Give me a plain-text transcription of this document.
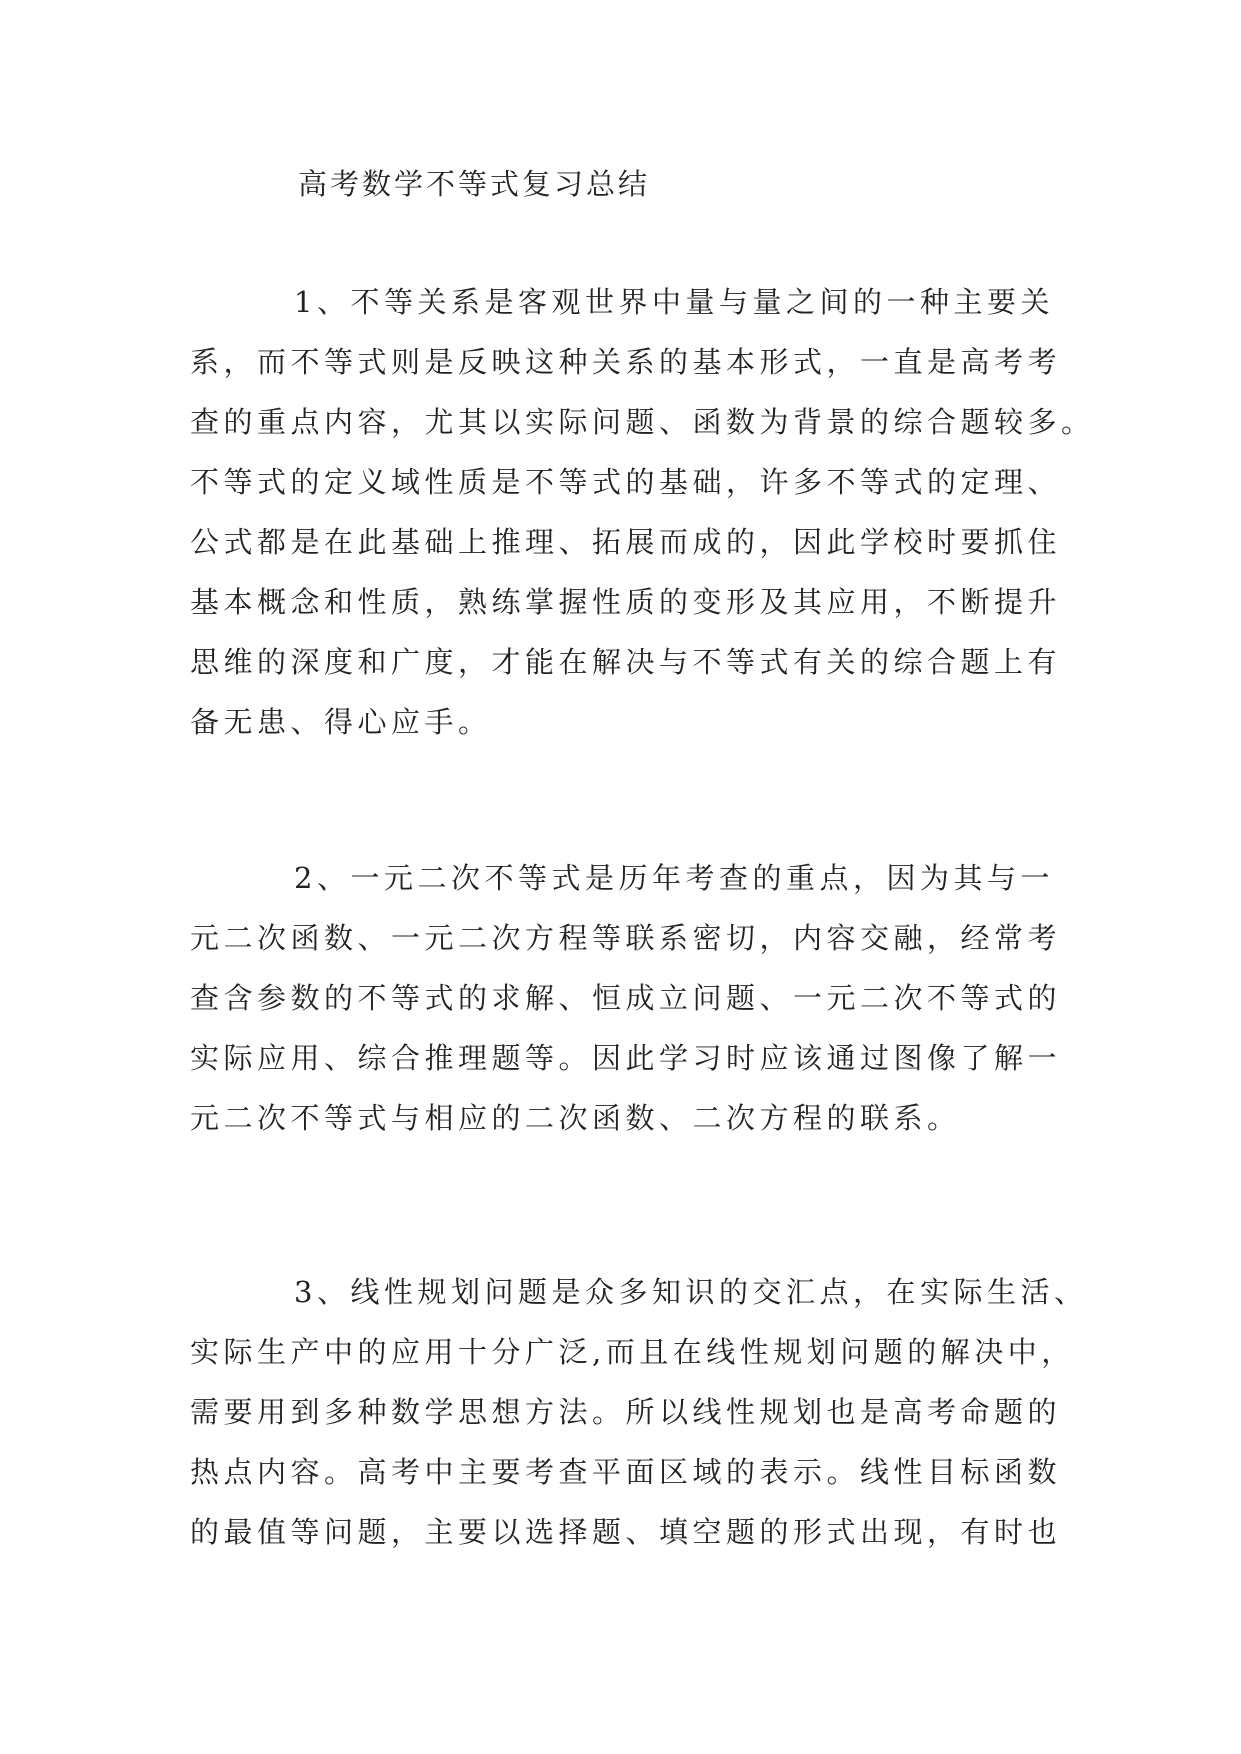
高考数学不等式复习总结
1、不等关系是客观世界中量与量之间的一种主要关
系，而不等式则是反映这种关系的基本形式，一直是高考考
查的重点内容，尤其以实际问题、函数为背景的综合题较多。
不等式的定义域性质是不等式的基础，许多不等式的定理、
公式都是在此基础上推理、拓展而成的，因此学校时要抓住
基本概念和性质，熟练掌握性质的变形及其应用，不断提升
思维的深度和广度，才能在解决与不等式有关的综合题上有
备无患、得心应手。
2、一元二次不等式是历年考查的重点，因为其与一
元二次函数、一元二次方程等联系密切，内容交融，经常考
查含参数的不等式的求解、恒成立问题、一元二次不等式的
实际应用、综合推理题等。因此学习时应该通过图像了解一
元二次不等式与相应的二次函数、二次方程的联系。
3、线性规划问题是众多知识的交汇点，在实际生活、
实际生产中的应用十分广泛,而且在线性规划问题的解决中，
需要用到多种数学思想方法。所以线性规划也是高考命题的
热点内容。高考中主要考查平面区域的表示。线性目标函数
的最值等问题，主要以选择题、填空题的形式出现，有时也
